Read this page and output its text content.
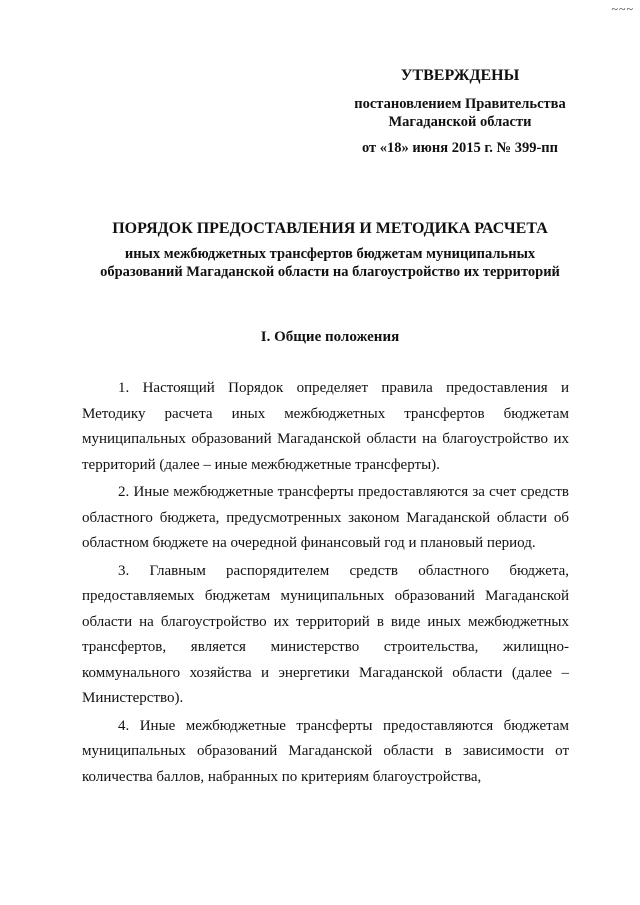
~~~
УТВЕРЖДЕНЫ
постановлением Правительства
Магаданской области
от «18» июня 2015 г. № 399-пп
ПОРЯДОК ПРЕДОСТАВЛЕНИЯ И МЕТОДИКА РАСЧЕТА
иных межбюджетных трансфертов бюджетам муниципальных
образований Магаданской области на благоустройство их территорий
I. Общие положения

1. Настоящий Порядок определяет правила предоставления и Методику расчета иных межбюджетных трансфертов бюджетам муниципальных образований Магаданской области на благоустройство их территорий (далее – иные межбюджетные трансферты).

2. Иные межбюджетные трансферты предоставляются за счет средств областного бюджета, предусмотренных законом Магаданской области об областном бюджете на очередной финансовый год и плановый период.

3. Главным распорядителем средств областного бюджета, предоставляемых бюджетам муниципальных образований Магаданской области на благоустройство их территорий в виде иных межбюджетных трансфертов, является министерство строительства, жилищно-коммунального хозяйства и энергетики Магаданской области (далее – Министерство).

4. Иные межбюджетные трансферты предоставляются бюджетам муниципальных образований Магаданской области в зависимости от количества баллов, набранных по критериям благоустройства,
